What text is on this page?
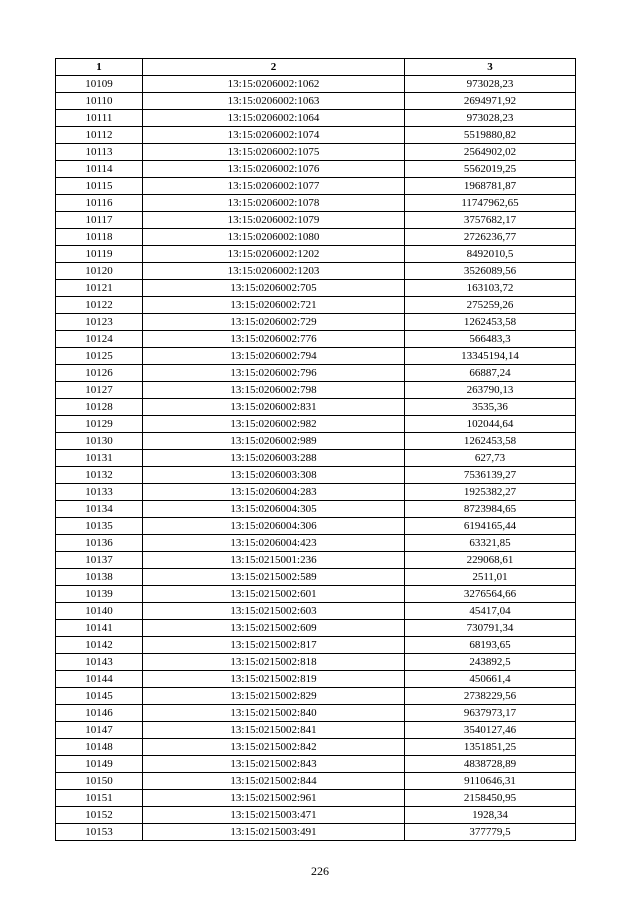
1	2	3
10109	13:15:0206002:1062	973028,23
10110	13:15:0206002:1063	2694971,92
10111	13:15:0206002:1064	973028,23
10112	13:15:0206002:1074	5519880,82
10113	13:15:0206002:1075	2564902,02
10114	13:15:0206002:1076	5562019,25
10115	13:15:0206002:1077	1968781,87
10116	13:15:0206002:1078	11747962,65
10117	13:15:0206002:1079	3757682,17
10118	13:15:0206002:1080	2726236,77
10119	13:15:0206002:1202	8492010,5
10120	13:15:0206002:1203	3526089,56
10121	13:15:0206002:705	163103,72
10122	13:15:0206002:721	275259,26
10123	13:15:0206002:729	1262453,58
10124	13:15:0206002:776	566483,3
10125	13:15:0206002:794	13345194,14
10126	13:15:0206002:796	66887,24
10127	13:15:0206002:798	263790,13
10128	13:15:0206002:831	3535,36
10129	13:15:0206002:982	102044,64
10130	13:15:0206002:989	1262453,58
10131	13:15:0206003:288	627,73
10132	13:15:0206003:308	7536139,27
10133	13:15:0206004:283	1925382,27
10134	13:15:0206004:305	8723984,65
10135	13:15:0206004:306	6194165,44
10136	13:15:0206004:423	63321,85
10137	13:15:0215001:236	229068,61
10138	13:15:0215002:589	2511,01
10139	13:15:0215002:601	3276564,66
10140	13:15:0215002:603	45417,04
10141	13:15:0215002:609	730791,34
10142	13:15:0215002:817	68193,65
10143	13:15:0215002:818	243892,5
10144	13:15:0215002:819	450661,4
10145	13:15:0215002:829	2738229,56
10146	13:15:0215002:840	9637973,17
10147	13:15:0215002:841	3540127,46
10148	13:15:0215002:842	1351851,25
10149	13:15:0215002:843	4838728,89
10150	13:15:0215002:844	9110646,31
10151	13:15:0215002:961	2158450,95
10152	13:15:0215003:471	1928,34
10153	13:15:0215003:491	377779,5
226
